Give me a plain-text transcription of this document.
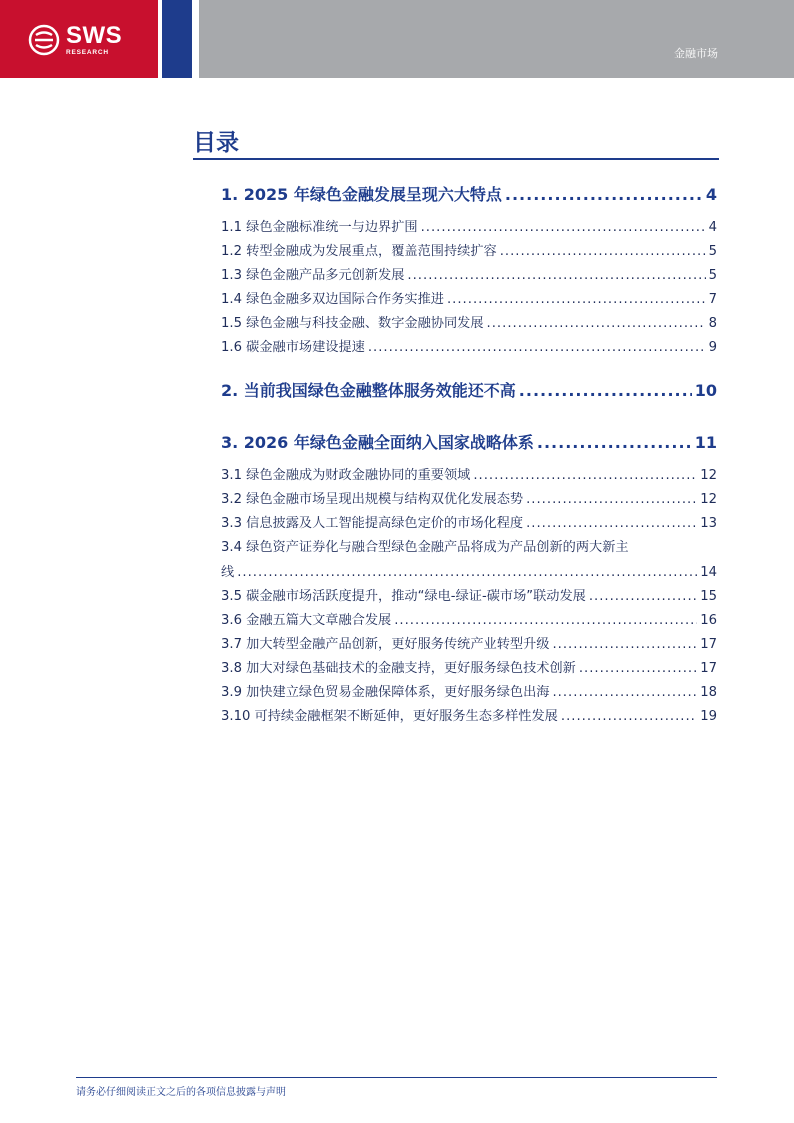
SWS
RESEARCH	金融市场
目录
1. 2025 年绿色金融发展呈现六大特点 .....	4
1.1 绿色金融标准统一与边界扩围 .....	4
1.2 转型金融成为发展重点，覆盖范围持续扩容 .....	5
1.3 绿色金融产品多元创新发展 .....	5
1.4 绿色金融多双边国际合作务实推进 .....	7
1.5 绿色金融与科技金融、数字金融协同发展 .....	8
1.6 碳金融市场建设提速 .....	9
2. 当前我国绿色金融整体服务效能还不高 .....	10
3. 2026 年绿色金融全面纳入国家战略体系 .....	11
3.1 绿色金融成为财政金融协同的重要领域 .....	12
3.2 绿色金融市场呈现出规模与结构双优化发展态势 .....	12
3.3 信息披露及人工智能提高绿色定价的市场化程度 .....	13
3.4 绿色资产证券化与融合型绿色金融产品将成为产品创新的两大新主
线 .....	14
3.5 碳金融市场活跃度提升，推动“绿电-绿证-碳市场”联动发展 .....	15
3.6 金融五篇大文章融合发展 .....	16
3.7 加大转型金融产品创新，更好服务传统产业转型升级 .....	17
3.8 加大对绿色基础技术的金融支持，更好服务绿色技术创新 .....	17
3.9 加快建立绿色贸易金融保障体系，更好服务绿色出海 .....	18
3.10 可持续金融框架不断延伸，更好服务生态多样性发展 .....	19
请务必仔细阅读正文之后的各项信息披露与声明
